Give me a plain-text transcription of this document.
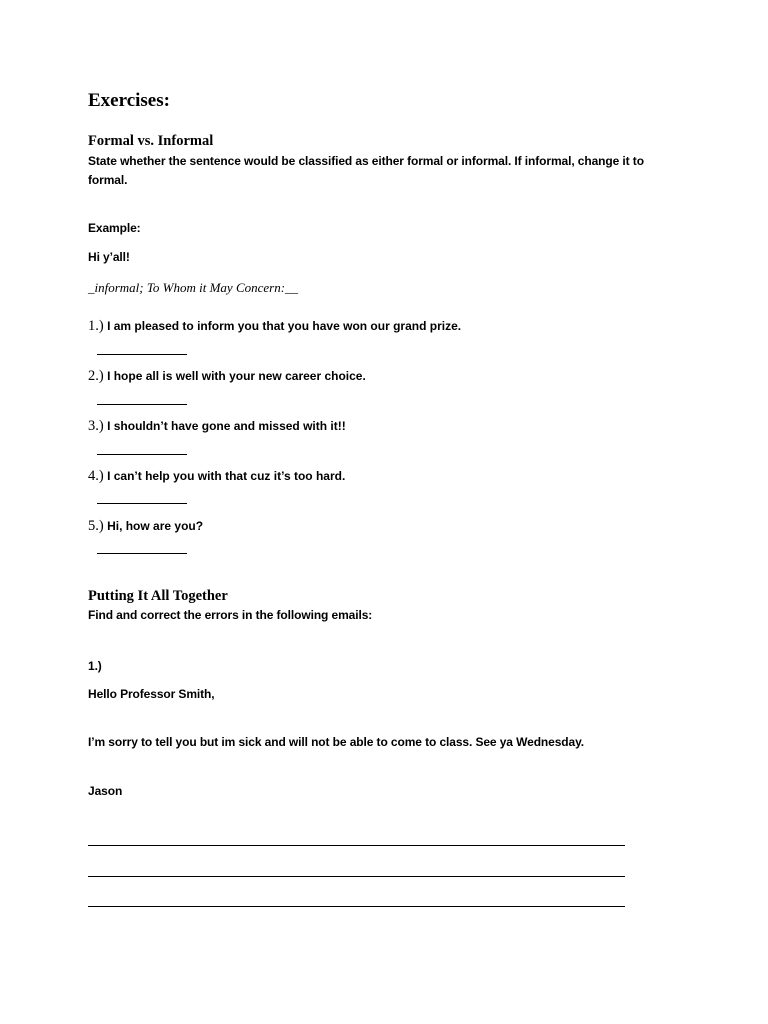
Exercises:
Formal vs. Informal
State whether the sentence would be classified as either formal or informal. If informal, change it to formal.
Example:
Hi y’all!
_informal; To Whom it May Concern:__
1.) I am pleased to inform you that you have won our grand prize.
2.) I hope all is well with your new career choice.
3.) I shouldn’t have gone and missed with it!!
4.) I can’t help you with that cuz it’s too hard.
5.) Hi, how are you?
Putting It All Together
Find and correct the errors in the following emails:
1.)
Hello Professor Smith,
I’m sorry to tell you but im sick and will not be able to come to class. See ya Wednesday.
Jason
